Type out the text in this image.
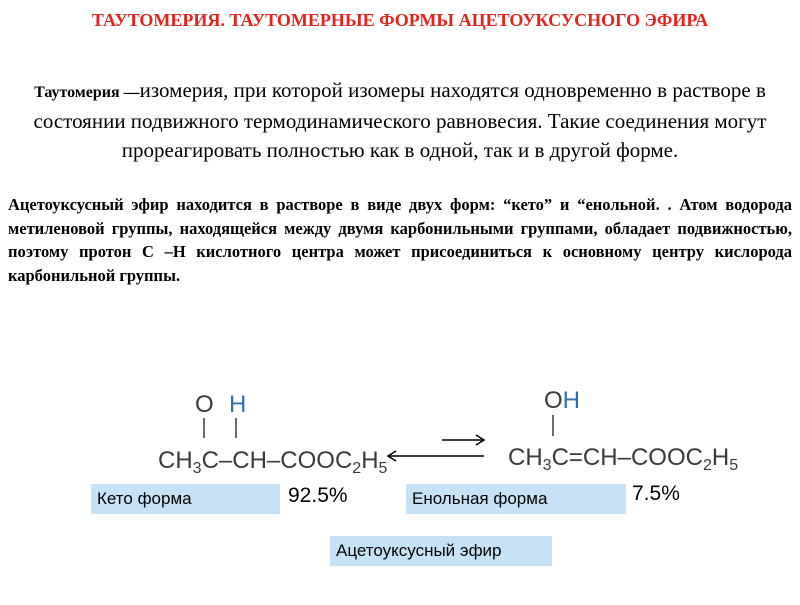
ТАУТОМЕРИЯ. ТАУТОМЕРНЫЕ ФОРМЫ АЦЕТОУКСУСНОГО ЭФИРА
Таутомерия —изомерия, при которой изомеры находятся одновременно в растворе в состоянии подвижного термодинамического равновесия. Такие соединения могут прореагировать полностью как в одной, так и в другой форме.
Ацетоуксусный эфир находится в растворе в виде двух форм: “кето” и “енольной. . Атом водорода метиленовой группы, находящейся между двумя карбонильными группами, обладает подвижностью, поэтому протон С –Н кислотного центра может присоединиться к основному центру кислорода карбонильной группы.
O H
$CH_3C-CH-COOC_2H_5$
OH
$CH_3C=CH-COOC_2H_5$
Кето форма	92.5%	Енольная форма	7.5%
Ацетоуксусный эфир
